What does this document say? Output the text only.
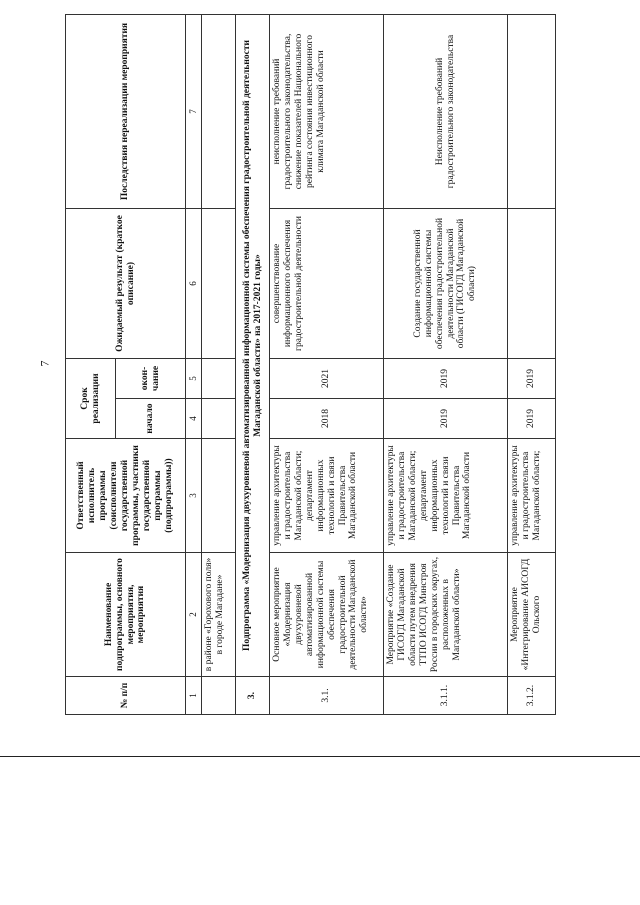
7
№ п/п	Наименование подпрограммы, основного мероприятия, мероприятия	Ответственный исполнитель программы (соисполнители государственной программы, участники государственной программы (подпрограммы))	Срок реализации		Ожидаемый результат (краткое описание)	Последствия нереализации мероприятия
			начало	окон-чание		
1	2	3	4	5	6	7
	в районе «Горохового поля» в городе Магадане»					
3.	Подпрограмма «Модернизация двухуровневой автоматизированной информационной системы обеспечения градостроительной деятельности Магаданской области» на 2017-2021 годы»					
3.1.	Основное мероприятие «Модернизация двухуровневой автоматизированной информационной системы обеспечения градостроительной деятельности Магаданской области»	управление архитектуры и градостроительства Магаданской области; департамент информационных технологий и связи Правительства Магаданской области	2018	2021	совершенствование информационного обеспечения градостроительной деятельности	неисполнение требований градостроительного законодательства, снижение показателей Национального рейтинга состояния инвестиционного климата Магаданской области
3.1.1.	Мероприятие «Создание ГИСОГД Магаданской области путем внедрения ТТПО ИСОГД Минстроя России в городских округах, расположенных в Магаданской области»	управление архитектуры и градостроительства Магаданской области; департамент информационных технологий и связи Правительства Магаданской области	2019	2019	Создание государственной информационной системы обеспечения градостроительной деятельности Магаданской области (ГИСОГД Магаданской области)	Неисполнение требований градостроительного законодательства
3.1.2.	Мероприятие «Интегрирование АИСОГД Ольского	управление архитектуры и градостроительства Магаданской области;	2019	2019		
